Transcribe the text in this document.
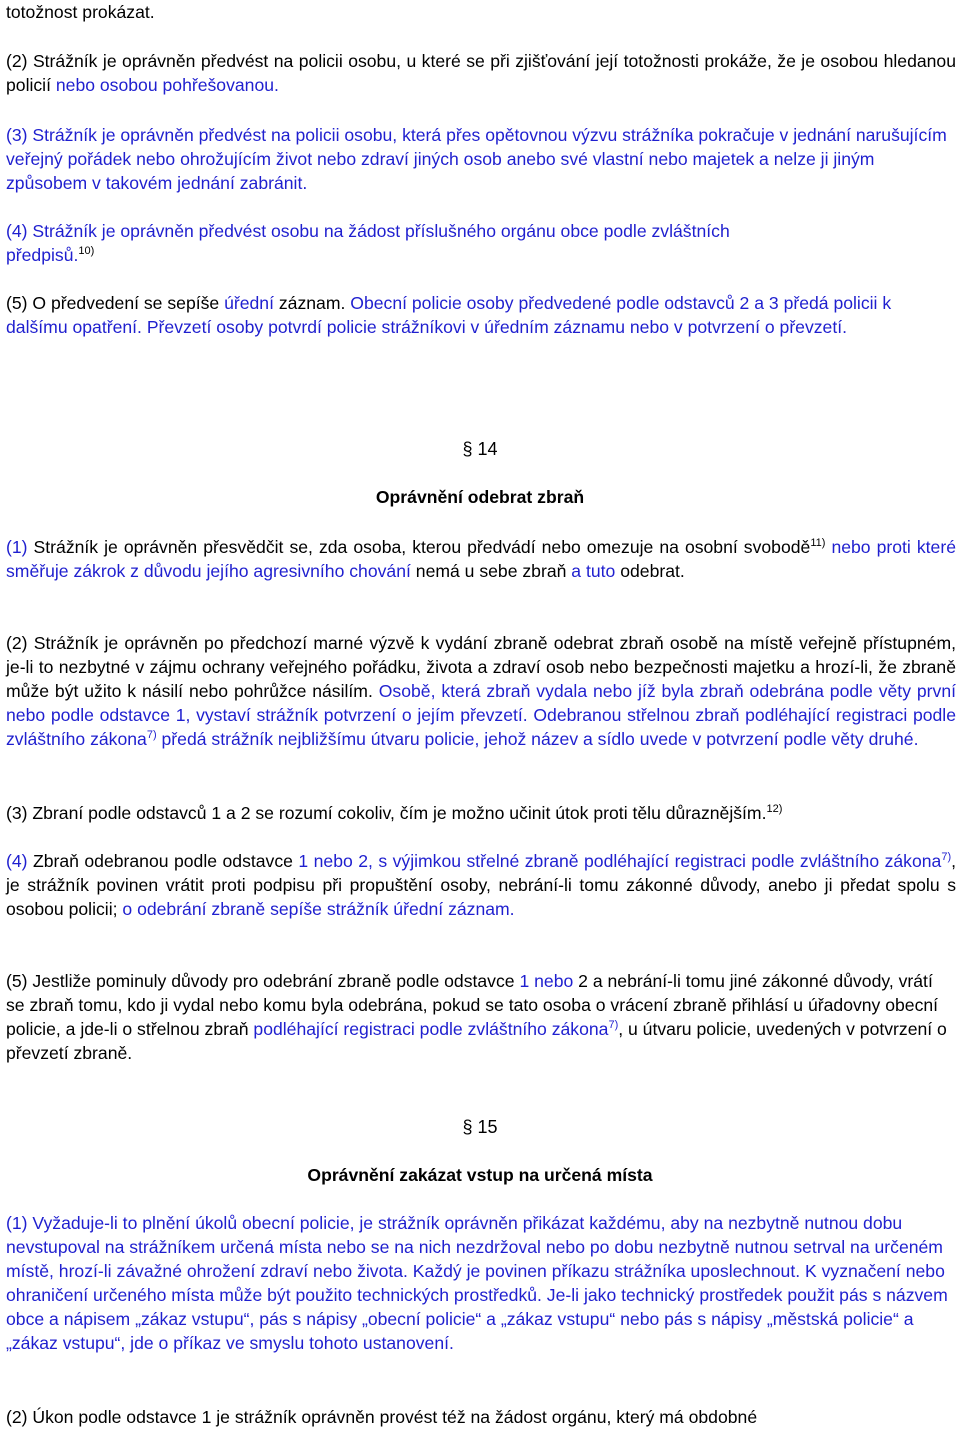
totožnost prokázat.

(2) Strážník je oprávněn předvést na policii osobu, u které se při zjišťování její totožnosti prokáže, že je osobou hledanou policií nebo osobou pohřešovanou.

(3) Strážník je oprávněn předvést na policii osobu, která přes opětovnou výzvu strážníka pokračuje v jednání narušujícím veřejný pořádek nebo ohrožujícím život nebo zdraví jiných osob anebo své vlastní nebo majetek a nelze ji jiným způsobem v takovém jednání zabránit.

(4) Strážník je oprávněn předvést osobu na žádost příslušného orgánu obce podle zvláštních
předpisů.$^{10)}$

(5) O předvedení se sepíše úřední záznam. Obecní policie osoby předvedené podle odstavců 2 a 3 předá policii k dalšímu opatření. Převzetí osoby potvrdí policie strážníkovi v úředním záznamu nebo v potvrzení o převzetí.

§ 14
Oprávnění odebrat zbraň

(1) Strážník je oprávněn přesvědčit se, zda osoba, kterou předvádí nebo omezuje na osobní svobodě$^{11)}$ nebo proti které směřuje zákrok z důvodu jejího agresivního chování nemá u sebe zbraň a tuto odebrat.

(2) Strážník je oprávněn po předchozí marné výzvě k vydání zbraně odebrat zbraň osobě na místě veřejně přístupném, je-li to nezbytné v zájmu ochrany veřejného pořádku, života a zdraví osob nebo bezpečnosti majetku a hrozí-li, že zbraně může být užito k násilí nebo pohrůžce násilím. Osobě, která zbraň vydala nebo jíž byla zbraň odebrána podle věty první nebo podle odstavce 1, vystaví strážník potvrzení o jejím převzetí. Odebranou střelnou zbraň podléhající registraci podle zvláštního zákona$^{7)}$ předá strážník nejbližšímu útvaru policie, jehož název a sídlo uvede v potvrzení podle věty druhé.

(3) Zbraní podle odstavců 1 a 2 se rozumí cokoliv, čím je možno učinit útok proti tělu důraznějším.$^{12)}$

(4) Zbraň odebranou podle odstavce 1 nebo 2, s výjimkou střelné zbraně podléhající registraci podle zvláštního zákona$^{7)}$, je strážník povinen vrátit proti podpisu při propuštění osoby, nebrání-li tomu zákonné důvody, anebo ji předat spolu s osobou policii; o odebrání zbraně sepíše strážník úřední záznam.

(5) Jestliže pominuly důvody pro odebrání zbraně podle odstavce 1 nebo 2 a nebrání-li tomu jiné zákonné důvody, vrátí se zbraň tomu, kdo ji vydal nebo komu byla odebrána, pokud se tato osoba o vrácení zbraně přihlásí u úřadovny obecní policie, a jde-li o střelnou zbraň podléhající registraci podle zvláštního zákona$^{7)}$, u útvaru policie, uvedených v potvrzení o převzetí zbraně.

§ 15
Oprávnění zakázat vstup na určená místa

(1) Vyžaduje-li to plnění úkolů obecní policie, je strážník oprávněn přikázat každému, aby na nezbytně nutnou dobu nevstupoval na strážníkem určená místa nebo se na nich nezdržoval nebo po dobu nezbytně nutnou setrval na určeném místě, hrozí-li závažné ohrožení zdraví nebo života. Každý je povinen příkazu strážníka uposlechnout. K vyznačení nebo ohraničení určeného místa může být použito technických prostředků. Je-li jako technický prostředek použit pás s názvem obce a nápisem „zákaz vstupu“, pás s nápisy „obecní policie“ a „zákaz vstupu“ nebo pás s nápisy „městská policie“ a „zákaz vstupu“, jde o příkaz ve smyslu tohoto ustanovení.

(2) Úkon podle odstavce 1 je strážník oprávněn provést též na žádost orgánu, který má obdobné
